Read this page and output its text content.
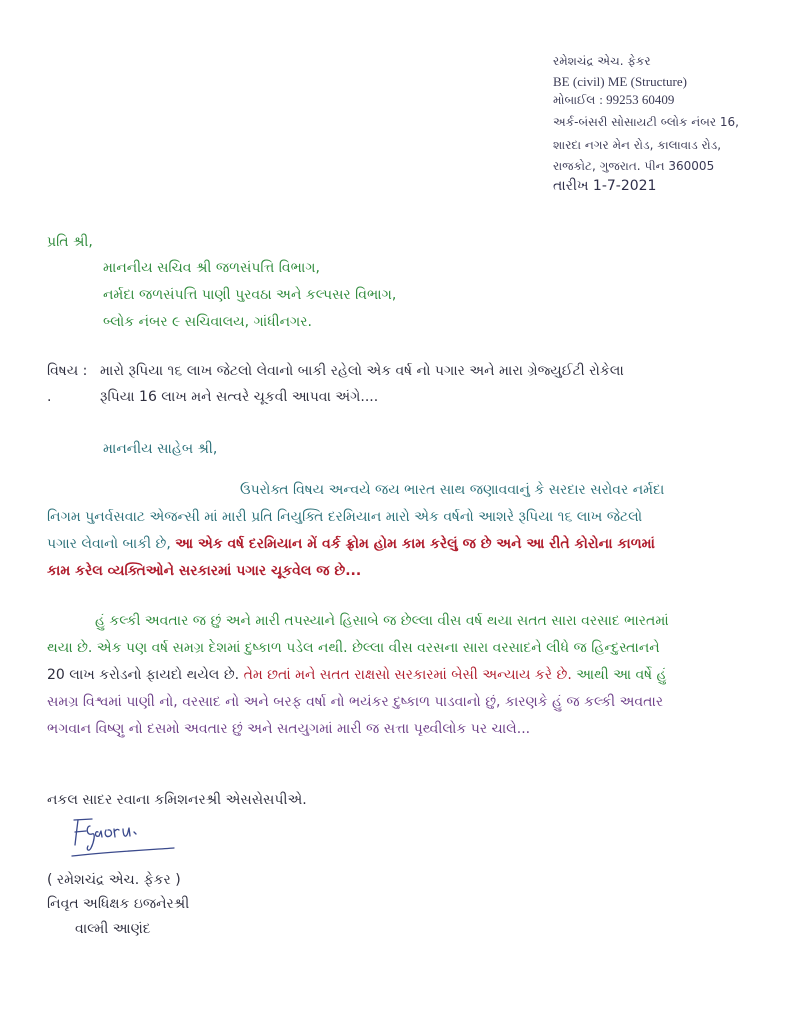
રમેશચંદ્ર એચ. ફેકર
BE (civil) ME (Structure)
મોબાઈલ : 99253 60409
અર્ક-બંસરી સોસાયટી બ્લોક નંબર 16,
શારદા નગર મેન રોડ, કાલાવાડ રોડ,
રાજકોટ, ગુજરાત. પીન 360005
તારીખ 1-7-2021
પ્રતિ શ્રી,
માનનીય સચિવ શ્રી જળસંપત્તિ વિભાગ,
નર્મદા જળસંપત્તિ પાણી પુરવઠા અને કલ્પસર વિભાગ,
બ્લોક નંબર ૯ સચિવાલય, ગાંધીનગર.
વિષય : મારો રૂપિયા ૧૬ લાખ જેટલો લેવાનો બાકી રહેલો એક વર્ષ નો પગાર અને મારા ગ્રેજ્યુઈટી રોકેલા
.	રૂપિયા 16 લાખ મને સત્વરે ચૂકવી આપવા અંગે....
માનનીય સાહેબ શ્રી,
ઉપરોક્ત વિષય અન્વયે જય ભારત સાથ જણાવવાનું કે સરદાર સરોવર નર્મદા
નિગમ પુનર્વસવાટ એજન્સી માં મારી પ્રતિ નિયુક્તિ દરમિયાન મારો એક વર્ષનો આશરે રૂપિયા ૧૬ લાખ જેટલો
પગાર લેવાનો બાકી છે, આ એક વર્ષ દરમિયાન મેં વર્ક ફ્રોમ હોમ કામ કરેલું જ છે અને આ રીતે કોરોના કાળમાં
કામ કરેલ વ્યક્તિઓને સરકારમાં પગાર ચૂકવેલ જ છે...
હું કલ્કી અવતાર જ છું અને મારી તપસ્યાને હિસાબે જ છેલ્લા વીસ વર્ષ થયા સતત સારા વરસાદ ભારતમાં
થયા છે. એક પણ વર્ષ સમગ્ર દેશમાં દુષ્કાળ પડેલ નથી. છેલ્લા વીસ વરસના સારા વરસાદને લીધે જ હિન્દુસ્તાનને
20 લાખ કરોડનો ફાયદો થયેલ છે. તેમ છતાં મને સતત રાક્ષસો સરકારમાં બેસી અન્યાય કરે છે. આથી આ વર્ષે હું
સમગ્ર વિશ્વમાં પાણી નો, વરસાદ નો અને બરફ વર્ષા નો ભયંકર દુષ્કાળ પાડવાનો છું, કારણકે હું જ કલ્કી અવતાર
ભગવાન વિષ્ણુ નો દસમો અવતાર છું અને સતયુગમાં મારી જ સત્તા પૃથ્વીલોક પર ચાલે...
નકલ સાદર રવાના કમિશનરશ્રી એસસેસપીએ.
( રમેશચંદ્ર એચ. ફેકર )
નિવૃત અધિક્ષક ઇજનેરશ્રી
વાલ્મી આણંદ
